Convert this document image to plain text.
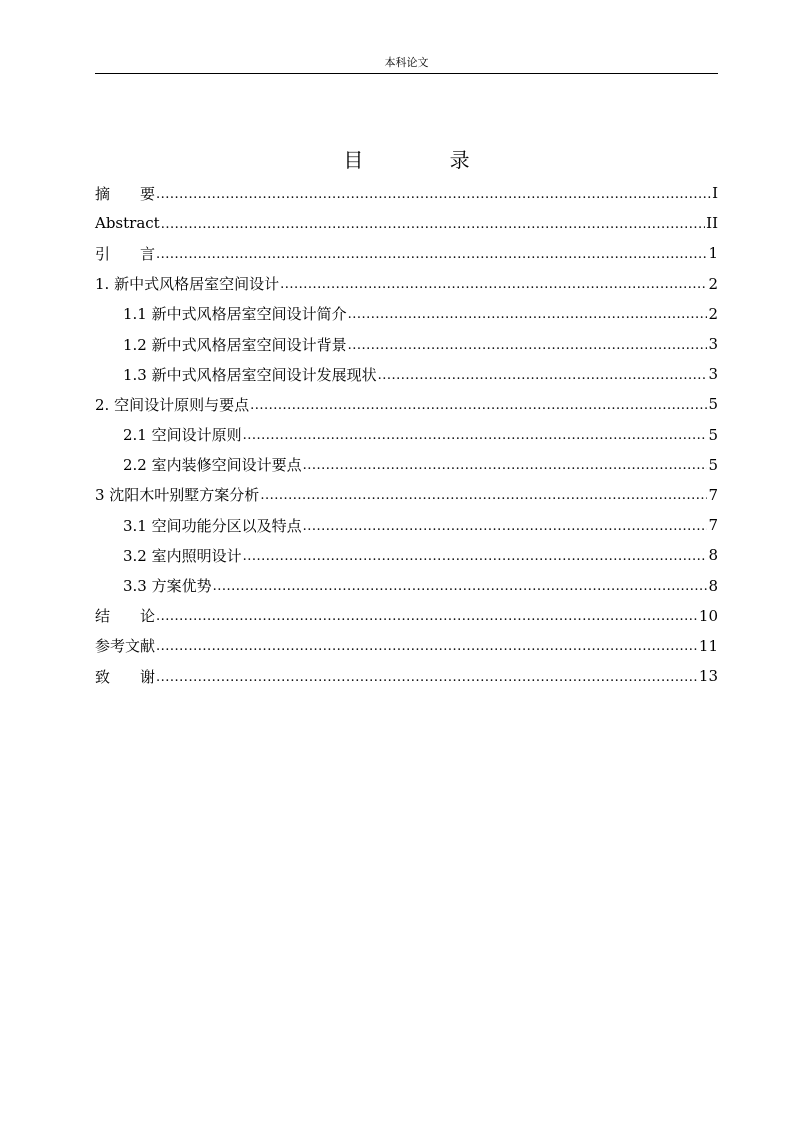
本科论文
目 录
摘　　要 .....	I
Abstract .....	II
引　　言 .....	1
1. 新中式风格居室空间设计 .....	2
1.1 新中式风格居室空间设计简介 .....	2
1.2 新中式风格居室空间设计背景 .....	3
1.3 新中式风格居室空间设计发展现状 .....	3
2. 空间设计原则与要点 .....	5
2.1 空间设计原则 .....	5
2.2 室内装修空间设计要点 .....	5
3 沈阳木叶别墅方案分析 .....	7
3.1 空间功能分区以及特点 .....	7
3.2 室内照明设计 .....	8
3.3 方案优势 .....	8
结　　论 .....	10
参考文献 .....	11
致　　谢 .....	13
